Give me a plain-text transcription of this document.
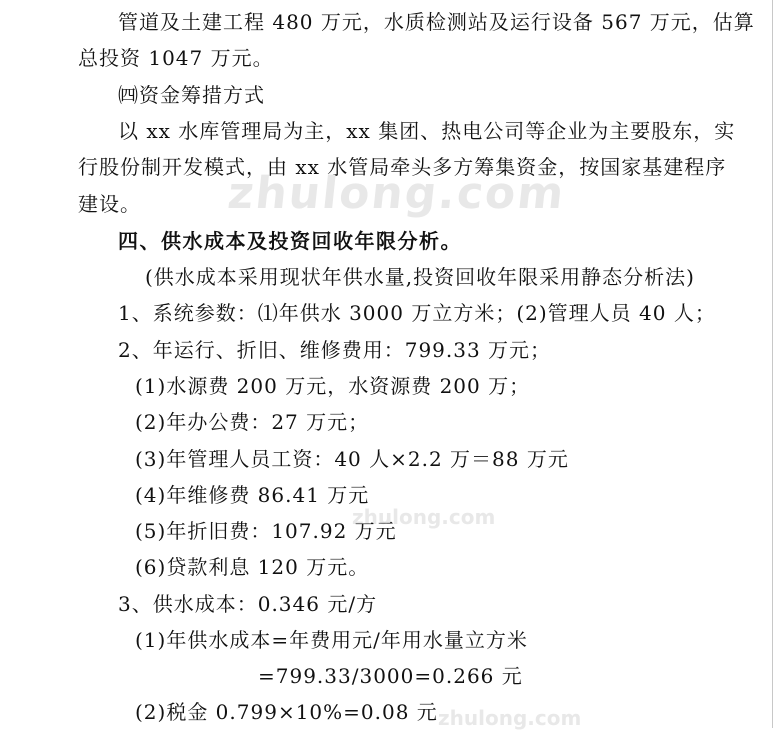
zhulong.com
zhulong.com
zhulong.com
管道及土建工程 480 万元，水质检测站及运行设备 567 万元，估算
总投资 1047 万元。
㈣资金筹措方式
以 xx 水库管理局为主，xx 集团、热电公司等企业为主要股东，实
行股份制开发模式，由 xx 水管局牵头多方筹集资金，按国家基建程序
建设。
四、供水成本及投资回收年限分析。
(供水成本采用现状年供水量,投资回收年限采用静态分析法)
1、系统参数：⑴年供水 3000 万立方米；(2)管理人员 40 人；
2、年运行、折旧、维修费用：799.33 万元；
(1)水源费 200 万元，水资源费 200 万；
(2)年办公费：27 万元；
(3)年管理人员工资：40 人×2.2 万＝88 万元
(4)年维修费 86.41 万元
(5)年折旧费：107.92 万元
(6)贷款利息 120 万元。
3、供水成本：0.346 元/方
(1)年供水成本=年费用元/年用水量立方米
=799.33/3000=0.266 元
(2)税金 0.799×10%=0.08 元
